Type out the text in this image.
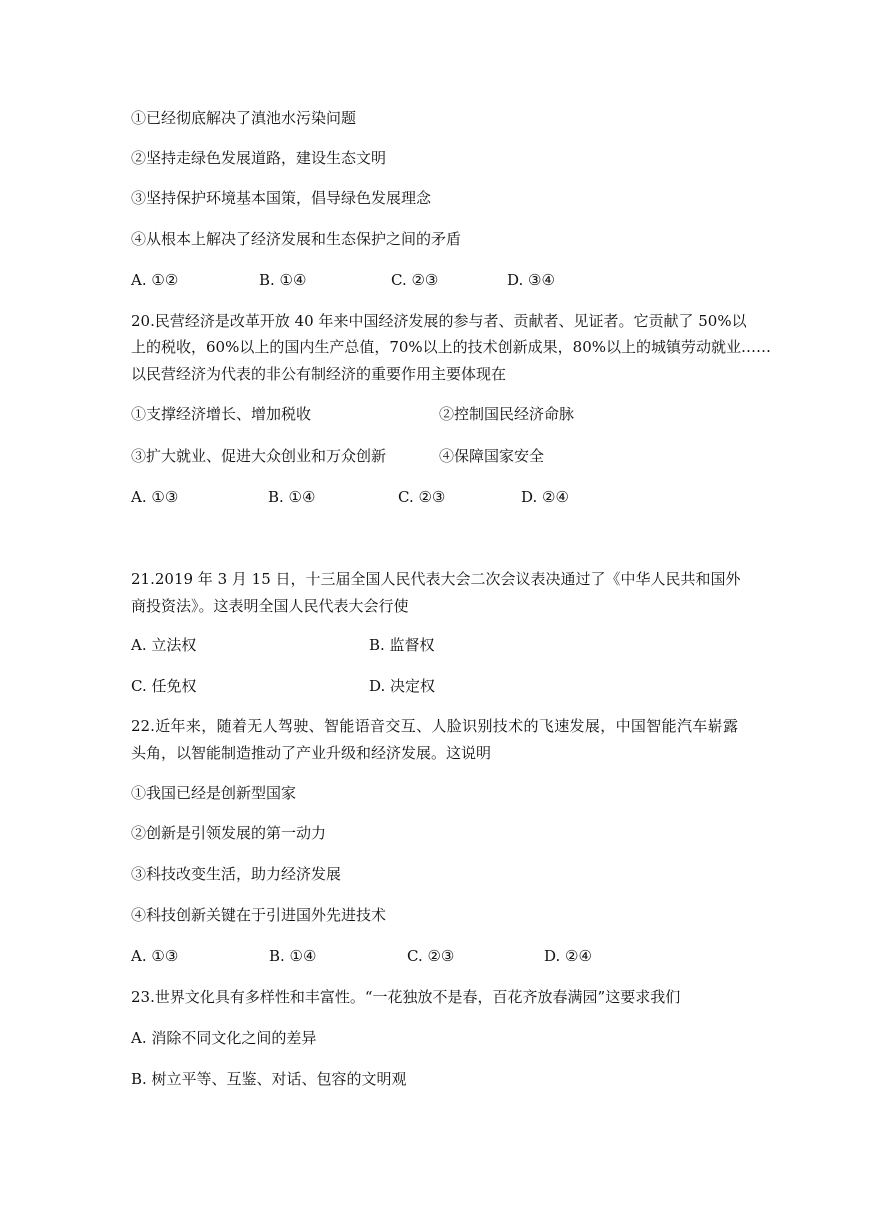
①已经彻底解决了滇池水污染问题
②坚持走绿色发展道路，建设生态文明
③坚持保护环境基本国策，倡导绿色发展理念
④从根本上解决了经济发展和生态保护之间的矛盾
A. ①②	B. ①④	C. ②③	D. ③④
20.民营经济是改革开放 40 年来中国经济发展的参与者、贡献者、见证者。它贡献了 50%以
上的税收，60%以上的国内生产总值，70%以上的技术创新成果，80%以上的城镇劳动就业……
以民营经济为代表的非公有制经济的重要作用主要体现在
①支撑经济增长、增加税收	②控制国民经济命脉
③扩大就业、促进大众创业和万众创新	④保障国家安全
A. ①③	B. ①④	C. ②③	D. ②④
21.2019 年 3 月 15 日，十三届全国人民代表大会二次会议表决通过了《中华人民共和国外
商投资法》。这表明全国人民代表大会行使
A. 立法权	B. 监督权
C. 任免权	D. 决定权
22.近年来，随着无人驾驶、智能语音交互、人脸识别技术的飞速发展，中国智能汽车崭露
头角，以智能制造推动了产业升级和经济发展。这说明
①我国已经是创新型国家
②创新是引领发展的第一动力
③科技改变生活，助力经济发展
④科技创新关键在于引进国外先进技术
A. ①③	B. ①④	C. ②③	D. ②④
23.世界文化具有多样性和丰富性。“一花独放不是春，百花齐放春满园”这要求我们
A. 消除不同文化之间的差异
B. 树立平等、互鉴、对话、包容的文明观
